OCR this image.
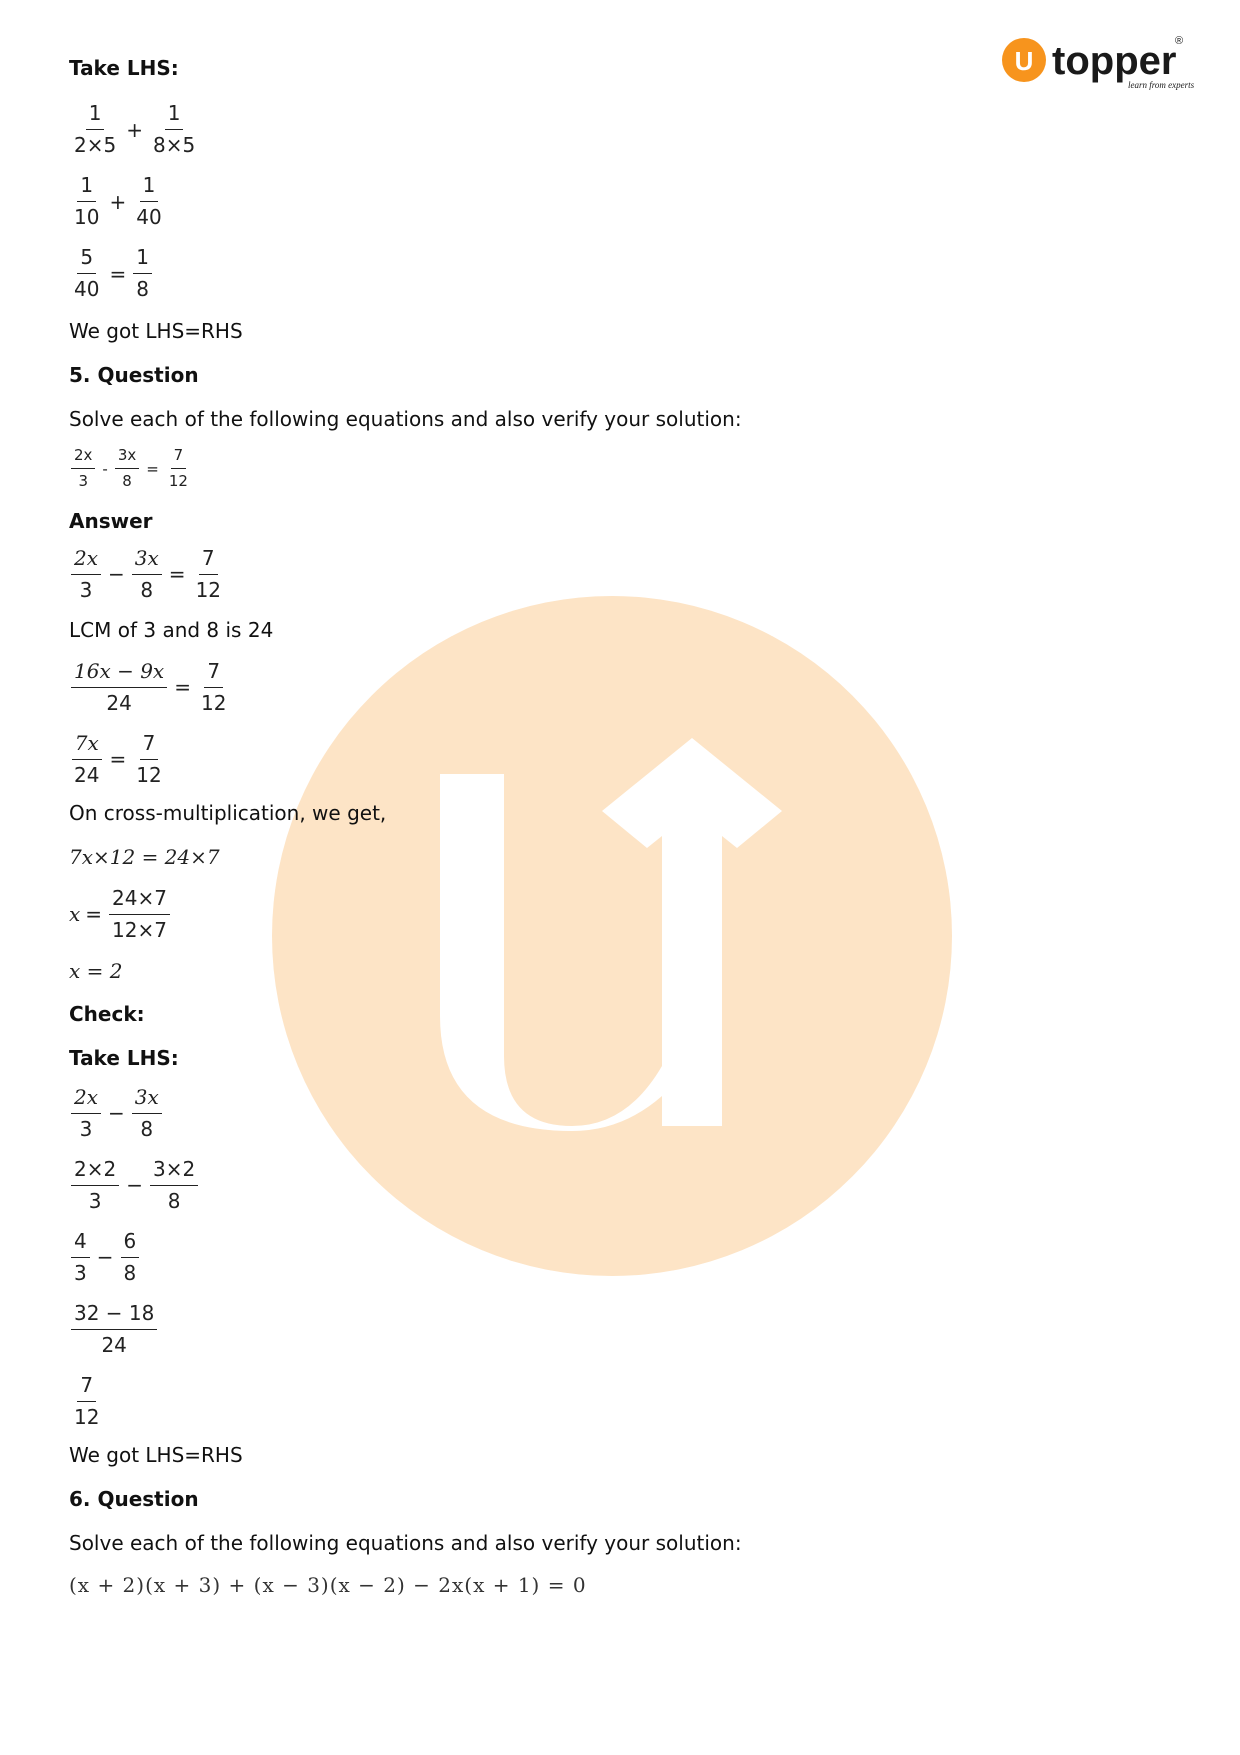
U topper
®
learn from experts
Take LHS:
$\frac{1}{2\times 5} + \frac{1}{8\times 5}$
$\frac{1}{10} + \frac{1}{40}$
$\frac{5}{40} = \frac{1}{8}$
We got LHS=RHS
5. Question
Solve each of the following equations and also verify your solution:
$\frac{2x}{3} - \frac{3x}{8} = \frac{7}{12}$
Answer
$\frac{2x}{3} - \frac{3x}{8} = \frac{7}{12}$
LCM of 3 and 8 is 24
$\frac{16x - 9x}{24} = \frac{7}{12}$
$\frac{7x}{24} = \frac{7}{12}$
On cross-multiplication, we get,
7x×12 = 24×7
$x = \frac{24\times 7}{12\times 7}$
x = 2
Check:
Take LHS:
$\frac{2x}{3} - \frac{3x}{8}$
$\frac{2\times 2}{3} - \frac{3\times 2}{8}$
$\frac{4}{3} - \frac{6}{8}$
$\frac{32 - 18}{24}$
$\frac{7}{12}$
We got LHS=RHS
6. Question
Solve each of the following equations and also verify your solution:
(x + 2)(x + 3) + (x − 3)(x − 2) − 2x(x + 1) = 0
